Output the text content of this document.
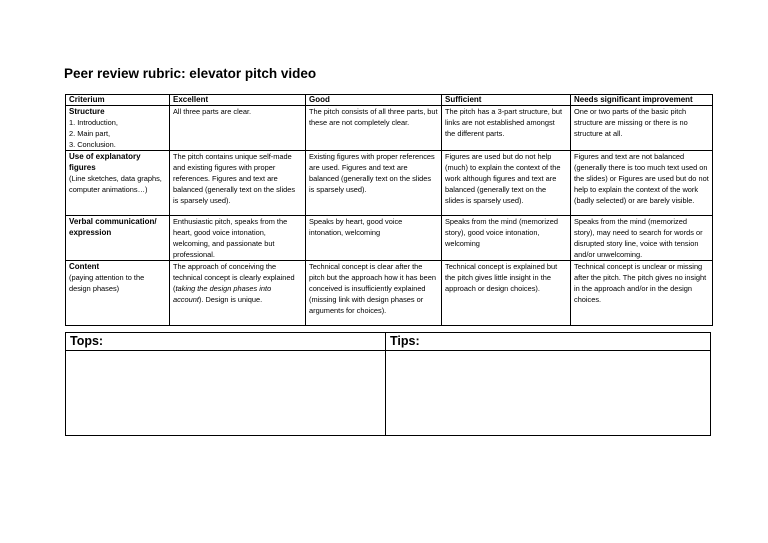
Peer review rubric: elevator pitch video
Criterium	Excellent	Good	Sufficient	Needs significant improvement
Structure
1. Introduction,
2. Main part,
3. Conclusion.	All three parts are clear.	The pitch consists of all three parts, but these are not completely clear.	The pitch has a 3-part structure, but links are not established amongst the different parts.	One or two parts of the basic pitch structure are missing or there is no structure at all.
Use of explanatory figures
(Line sketches, data graphs, computer animations…)	The pitch contains unique self-made and existing figures with proper references. Figures and text are balanced (generally text on the slides is sparsely used).	Existing figures with proper references are used. Figures and text are balanced (generally text on the slides is sparsely used).	Figures are used but do not help (much) to explain the context of the work although figures and text are balanced (generally text on the slides is sparsely used).	Figures and text are not balanced (generally there is too much text used on the slides) or Figures are used but do not help to explain the context of the work (badly selected) or are barely visible.
Verbal communication/ expression	Enthusiastic pitch, speaks from the heart, good voice intonation, welcoming, and passionate but professional.	Speaks by heart, good voice intonation, welcoming	Speaks from the mind (memorized story), good voice intonation, welcoming	Speaks from the mind (memorized story), may need to search for words or disrupted story line, voice with tension and/or unwelcoming.
Content
(paying attention to the design phases)	The approach of conceiving the technical concept is clearly explained (taking the design phases into account). Design is unique.	Technical concept is clear after the pitch but the approach how it has been conceived is insufficiently explained (missing link with design phases or arguments for choices).	Technical concept is explained but the pitch gives little insight in the approach or design choices).	Technical concept is unclear or missing after the pitch. The pitch gives no insight in the approach and/or in the design choices.
Tops:	Tips:
